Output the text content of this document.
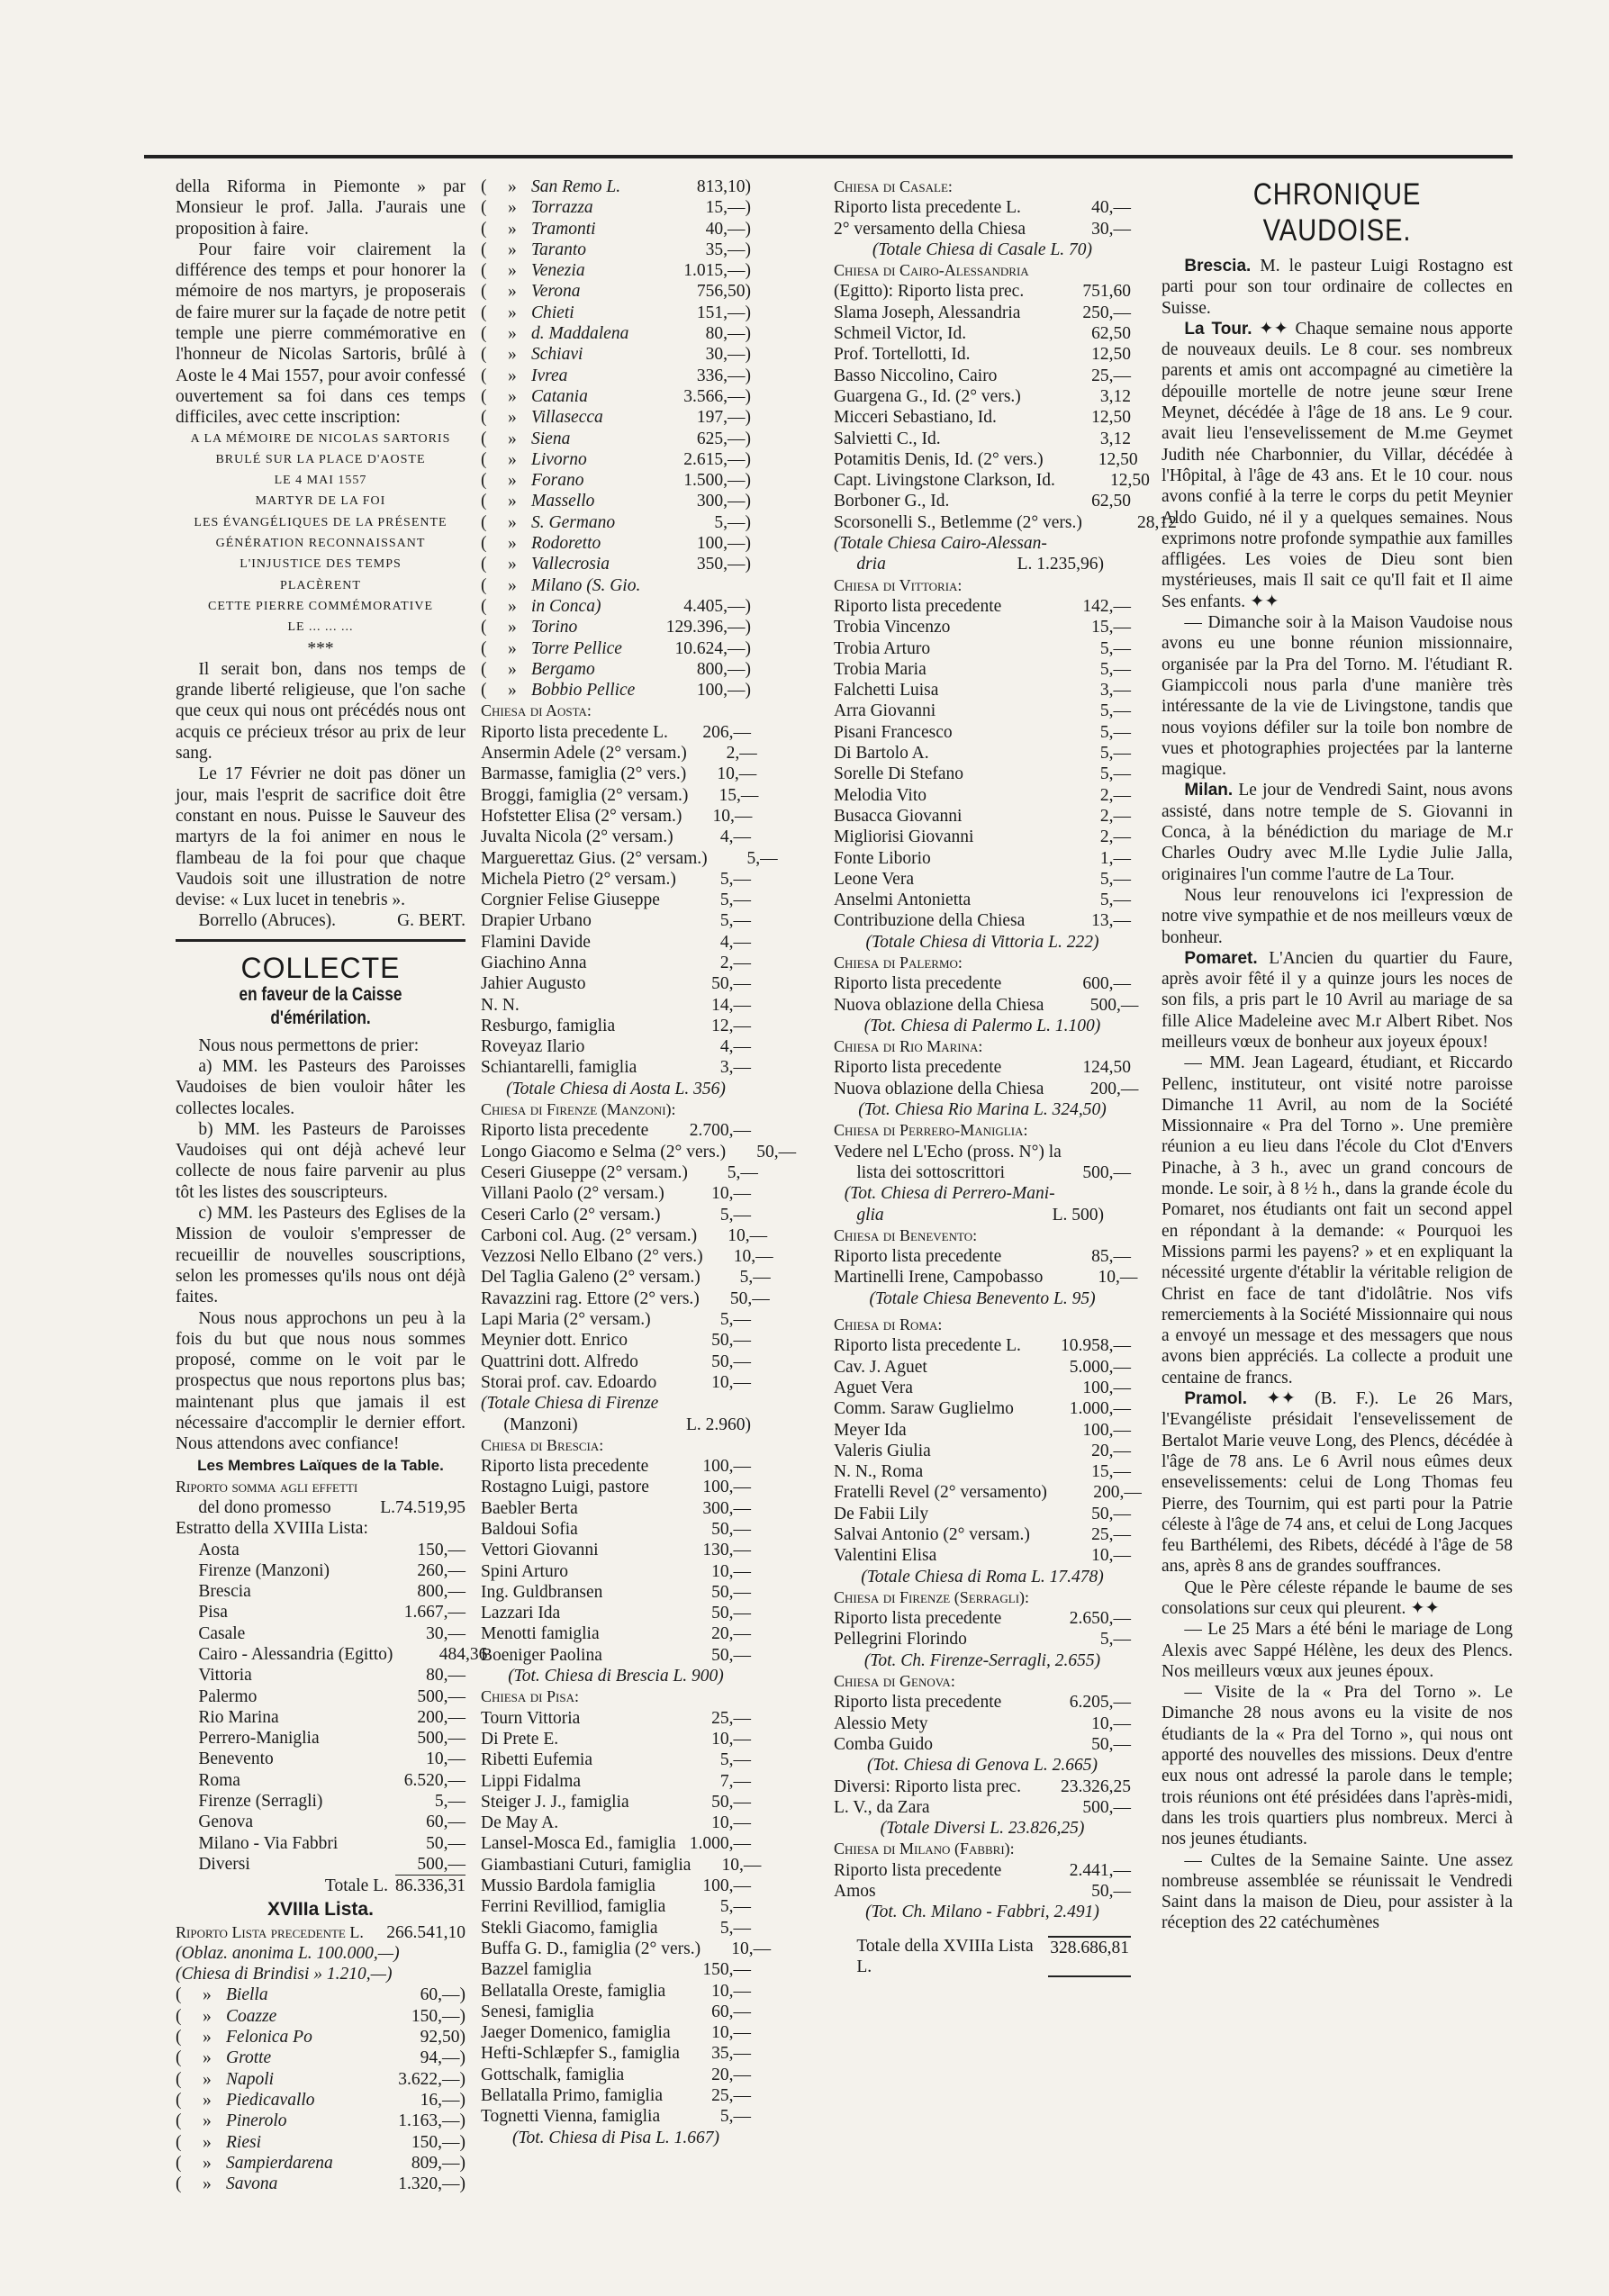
della Riforma in Piemonte » par Monsieur le prof. Jalla. J'aurais une proposition à faire.

Pour faire voir clairement la différence des temps et pour honorer la mémoire de nos martyrs, je proposerais de faire murer sur la façade de notre petit temple une pierre commémorative en l'honneur de Nicolas Sartoris, brûlé à Aoste le 4 Mai 1557, pour avoir confessé ouvertement sa foi dans ces temps difficiles, avec cette inscription:

A LA MÉMOIRE DE NICOLAS SARTORIS
BRULÉ SUR LA PLACE D'AOSTE
LE 4 MAI 1557
MARTYR DE LA FOI
LES ÉVANGÉLIQUES DE LA PRÉSENTE
GÉNÉRATION RECONNAISSANT
L'INJUSTICE DES TEMPS
PLACÈRENT
CETTE PIERRE COMMÉMORATIVE
LE ... ... ...
***

Il serait bon, dans nos temps de grande liberté religieuse, que l'on sache que ceux qui nous ont précédés nous ont acquis ce précieux trésor au prix de leur sang.

Le 17 Février ne doit pas döner un jour, mais l'esprit de sacrifice doit être constant en nous. Puisse le Sauveur des martyrs de la foi animer en nous le flambeau de la foi pour que chaque Vaudois soit une illustration de notre devise: « Lux lucet in tenebris ».

Borrello (Abruces).	G. BERT.
COLLECTE
en faveur de la Caisse d'émérilation.

Nous nous permettons de prier:

a) MM. les Pasteurs des Paroisses Vaudoises de bien vouloir hâter les collectes locales.

b) MM. les Pasteurs de Paroisses Vaudoises qui ont déjà achevé leur collecte de nous faire parvenir au plus tôt les listes des souscripteurs.

c) MM. les Pasteurs des Eglises de la Mission de vouloir s'empresser de recueillir de nouvelles souscriptions, selon les promesses qu'ils nous ont déjà faites.

Nous nous approchons un peu à la fois du but que nous nous sommes proposé, comme on le voit par le prospectus que nous reportons plus bas; maintenant plus que jamais il est nécessaire d'accomplir le dernier effort. Nous attendons avec confiance!

Les Membres Laïques de la Table.
Riporto somma agli effetti
del dono promesso	L. 74.519,95
Estratto della XVIIIa Lista:
Aosta	150,—
Firenze (Manzoni)	260,—
Brescia	800,—
Pisa	1.667,—
Casale	30,—
Cairo - Alessandria (Egitto)	484,36
Vittoria	80,—
Palermo	500,—
Rio Marina	200,—
Perrero-Maniglia	500,—
Benevento	10,—
Roma	6.520,—
Firenze (Serragli)	5,—
Genova	60,—
Milano - Via Fabbri	50,—
Diversi	500,—
Totale L. 86.336,31
XVIIIa Lista.
Riporto Lista precedente L.	266.541,10
(Oblaz. anonima L. 100.000,—)
(Chiesa di Brindisi » 1.210,—)
(	» Biella	60,—)
(	» Coazze	150,—)
(	» Felonica Po	92,50)
(	» Grotte	94,—)
(	» Napoli	3.622,—)
(	» Piedicavallo	16,—)
(	» Pinerolo	1.163,—)
(	» Riesi	150,—)
(	» Sampierdarena	809,—)
(	» Savona	1.320,—)
(	» San Remo L.	813,10)
(	» Torrazza	15,—)
(	» Tramonti	40,—)
(	» Taranto	35,—)
(	» Venezia	1.015,—)
(	» Verona	756,50)
(	» Chieti	151,—)
(	» d. Maddalena	80,—)
(	» Schiavi	30,—)
(	» Ivrea	336,—)
(	» Catania	3.566,—)
(	» Villasecca	197,—)
(	» Siena	625,—)
(	» Livorno	2.615,—)
(	» Forano	1.500,—)
(	» Massello	300,—)
(	» S. Germano	5,—)
(	» Rodoretto	100,—)
(	» Vallecrosia	350,—)
(	» Milano (S. Gio.
(	» in Conca)	4.405,—)
(	» Torino	129.396,—)
(	» Torre Pellice	10.624,—)
(	» Bergamo	800,—)
(	» Bobbio Pellice	100,—)
Chiesa di Aosta:
Riporto lista precedente L.	206,—
Ansermin Adele (2° versam.)	2,—
Barmasse, famiglia (2° vers.)	10,—
Broggi, famiglia (2° versam.)	15,—
Hofstetter Elisa (2° versam.)	10,—
Juvalta Nicola (2° versam.)	4,—
Marguerettaz Gius. (2° versam.)	5,—
Michela Pietro (2° versam.)	5,—
Corgnier Felise Giuseppe	5,—
Drapier Urbano	5,—
Flamini Davide	4,—
Giachino Anna	2,—
Jahier Augusto	50,—
N. N.	14,—
Resburgo, famiglia	12,—
Roveyaz Ilario	4,—
Schiantarelli, famiglia	3,—
(Totale Chiesa di Aosta L. 356)
Chiesa di Firenze (Manzoni):
Riporto lista precedente	2.700,—
Longo Giacomo e Selma (2° vers.)	50,—
Ceseri Giuseppe (2° versam.)	5,—
Villani Paolo (2° versam.)	10,—
Ceseri Carlo (2° versam.)	5,—
Carboni col. Aug. (2° versam.)	10,—
Vezzosi Nello Elbano (2° vers.)	10,—
Del Taglia Galeno (2° versam.)	5,—
Ravazzini rag. Ettore (2° vers.)	50,—
Lapi Maria (2° versam.)	5,—
Meynier dott. Enrico	50,—
Quattrini dott. Alfredo	50,—
Storai prof. cav. Edoardo	10,—
(Totale Chiesa di Firenze
(Manzoni)	L. 2.960)
Chiesa di Brescia:
Riporto lista precedente	100,—
Rostagno Luigi, pastore	100,—
Baebler Berta	300,—
Baldoui Sofia	50,—
Vettori Giovanni	130,—
Spini Arturo	10,—
Ing. Guldbransen	50,—
Lazzari Ida	50,—
Menotti famiglia	20,—
Boeniger Paolina	50,—
(Tot. Chiesa di Brescia L. 900)
Chiesa di Pisa:
Tourn Vittoria	25,—
Di Prete E.	10,—
Ribetti Eufemia	5,—
Lippi Fidalma	7,—
Steiger J. J., famiglia	50,—
De May A.	10,—
Lansel-Mosca Ed., famiglia 1.000,—
Giambastiani Cuturi, famiglia	10,—
Mussio Bardola famiglia	100,—
Ferrini Revilliod, famiglia	5,—
Stekli Giacomo, famiglia	5,—
Buffa G. D., famiglia (2° vers.)	10,—
Bazzel famiglia	150,—
Bellatalla Oreste, famiglia	10,—
Senesi, famiglia	60,—
Jaeger Domenico, famiglia	10,—
Hefti-Schlæpfer S., famiglia	35,—
Gottschalk, famiglia	20,—
Bellatalla Primo, famiglia	25,—
Tognetti Vienna, famiglia	5,—
(Tot. Chiesa di Pisa L. 1.667)
Chiesa di Casale:
Riporto lista precedente L.	40,—
2° versamento della Chiesa	30,—
(Totale Chiesa di Casale L. 70)
Chiesa di Cairo-Alessandria
(Egitto): Riporto lista prec.	751,60
Slama Joseph, Alessandria	250,—
Schmeil Victor, Id.	62,50
Prof. Tortellotti, Id.	12,50
Basso Niccolino, Cairo	25,—
Guargena G., Id. (2° vers.)	3,12
Micceri Sebastiano, Id.	12,50
Salvietti C., Id.	3,12
Potamitis Denis, Id. (2° vers.)	12,50
Capt. Livingstone Clarkson, Id.	12,50
Borboner G., Id.	62,50
Scorsonelli S., Betlemme (2° vers.)	28,12
(Totale Chiesa Cairo-Alessan-
dria	L. 1.235,96)
Chiesa di Vittoria:
Riporto lista precedente	142,—
Trobia Vincenzo	15,—
Trobia Arturo	5,—
Trobia Maria	5,—
Falchetti Luisa	3,—
Arra Giovanni	5,—
Pisani Francesco	5,—
Di Bartolo A.	5,—
Sorelle Di Stefano	5,—
Melodia Vito	2,—
Busacca Giovanni	2,—
Migliorisi Giovanni	2,—
Fonte Liborio	1,—
Leone Vera	5,—
Anselmi Antonietta	5,—
Contribuzione della Chiesa	13,—
(Totale Chiesa di Vittoria L. 222)
Chiesa di Palermo:
Riporto lista precedente	600,—
Nuova oblazione della Chiesa	500,—
(Tot. Chiesa di Palermo L. 1.100)
Chiesa di Rio Marina:
Riporto lista precedente	124,50
Nuova oblazione della Chiesa	200,—
(Tot. Chiesa Rio Marina L. 324,50)
Chiesa di Perrero-Maniglia:
Vedere nel L'Echo (pross. N°) la
lista dei sottoscrittori	500,—
(Tot. Chiesa di Perrero-Mani-
glia	L. 500)
Chiesa di Benevento:
Riporto lista precedente	85,—
Martinelli Irene, Campobasso	10,—
(Totale Chiesa Benevento L. 95)
Chiesa di Roma:
Riporto lista precedente L.	10.958,—
Cav. J. Aguet	5.000,—
Aguet Vera	100,—
Comm. Saraw Guglielmo	1.000,—
Meyer Ida	100,—
Valeris Giulia	20,—
N. N., Roma	15,—
Fratelli Revel (2° versamento)	200,—
De Fabii Lily	50,—
Salvai Antonio (2° versam.)	25,—
Valentini Elisa	10,—
(Totale Chiesa di Roma L. 17.478)
Chiesa di Firenze (Serragli):
Riporto lista precedente	2.650,—
Pellegrini Florindo	5,—
(Tot. Ch. Firenze-Serragli, 2.655)
Chiesa di Genova:
Riporto lista precedente	6.205,—
Alessio Mety	10,—
Comba Guido	50,—
(Tot. Chiesa di Genova L. 2.665)
Diversi: Riporto lista prec.	23.326,25
L. V., da Zara	500,—
(Totale Diversi L. 23.826,25)
Chiesa di Milano (Fabbri):
Riporto lista precedente	2.441,—
Amos	50,—
(Tot. Ch. Milano - Fabbri, 2.491)
Totale della XVIIIa Lista L.
328.686,81
CHRONIQUE VAUDOISE.

Brescia. M. le pasteur Luigi Rostagno est parti pour son tour ordinaire de collectes en Suisse.

La Tour. ✦✦ Chaque semaine nous apporte de nouveaux deuils. Le 8 cour. ses nombreux parents et amis ont accompagné au cimetière la dépouille mortelle de notre jeune sœur Irene Meynet, décédée à l'âge de 18 ans. Le 9 cour. avait lieu l'ensevelissement de M.me Geymet Judith née Charbonnier, du Villar, décédée à l'Hôpital, à l'âge de 43 ans. Et le 10 cour. nous avons confié à la terre le corps du petit Meynier Aldo Guido, né il y a quelques semaines. Nous exprimons notre profonde sympathie aux familles affligées. Les voies de Dieu sont bien mystérieuses, mais Il sait ce qu'Il fait et Il aime Ses enfants. ✦✦

— Dimanche soir à la Maison Vaudoise nous avons eu une bonne réunion missionnaire, organisée par la Pra del Torno. M. l'étudiant R. Giampiccoli nous parla d'une manière très intéressante de la vie de Livingstone, tandis que nous voyions défiler sur la toile bon nombre de vues et photographies projectées par la lanterne magique.

Milan. Le jour de Vendredi Saint, nous avons assisté, dans notre temple de S. Giovanni in Conca, à la bénédiction du mariage de M.r Charles Oudry avec M.lle Lydie Julie Jalla, originaires l'un comme l'autre de La Tour.

Nous leur renouvelons ici l'expression de notre vive sympathie et de nos meilleurs vœux de bonheur.

Pomaret. L'Ancien du quartier du Faure, après avoir fêté il y a quinze jours les noces de son fils, a pris part le 10 Avril au mariage de sa fille Alice Madeleine avec M.r Albert Ribet. Nos meilleurs vœux de bonheur aux joyeux époux!

— MM. Jean Lageard, étudiant, et Riccardo Pellenc, instituteur, ont visité notre paroisse Dimanche 11 Avril, au nom de la Société Missionnaire « Pra del Torno ». Une première réunion a eu lieu dans l'école du Clot d'Envers Pinache, à 3 h., avec un grand concours de monde. Le soir, à 8 ½ h., dans la grande école du Pomaret, nos étudiants ont fait un second appel en répondant à la demande: « Pourquoi les Missions parmi les payens? » et en expliquant la nécessité urgente d'établir la véritable religion de Christ en face de tant d'idolâtrie. Nos vifs remerciements à la Société Missionnaire qui nous a envoyé un message et des messagers que nous avons bien appréciés. La collecte a produit une centaine de francs.

Pramol. ✦✦ (B. F.). Le 26 Mars, l'Evangéliste présidait l'ensevelissement de Bertalot Marie veuve Long, des Plencs, décédée à l'âge de 78 ans. Le 6 Avril nous eûmes deux ensevelissements: celui de Long Thomas feu Pierre, des Tournim, qui est parti pour la Patrie céleste à l'âge de 74 ans, et celui de Long Jacques feu Barthélemi, des Ribets, décédé à l'âge de 58 ans, après 8 ans de grandes souffrances.

Que le Père céleste répande le baume de ses consolations sur ceux qui pleurent. ✦✦

— Le 25 Mars a été béni le mariage de Long Alexis avec Sappé Hélène, les deux des Plencs. Nos meilleurs vœux aux jeunes époux.

— Visite de la « Pra del Torno ». Le Dimanche 28 nous avons eu la visite de nos étudiants de la « Pra del Torno », qui nous ont apporté des nouvelles des missions. Deux d'entre eux nous ont adressé la parole dans le temple; trois réunions ont été présidées dans l'après-midi, dans les trois quartiers plus nombreux. Merci à nos jeunes étudiants.

— Cultes de la Semaine Sainte. Une assez nombreuse assemblée se réunissait le Vendredi Saint dans la maison de Dieu, pour assister à la réception des 22 catéchumènes
